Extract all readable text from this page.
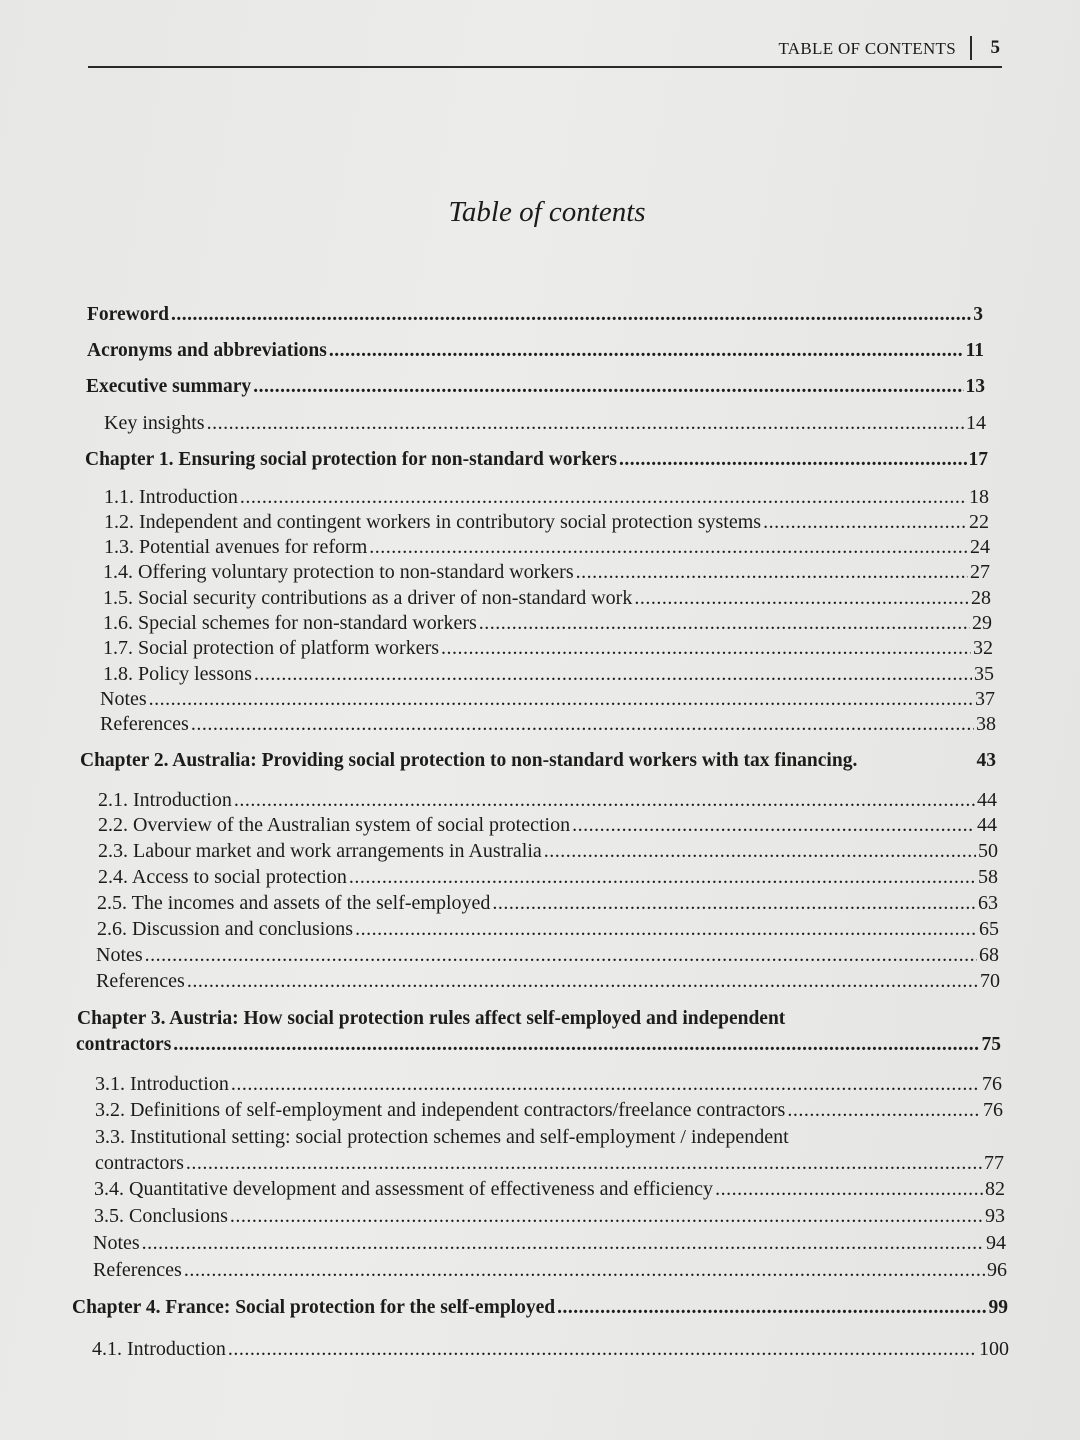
TABLE OF CONTENTS 5
Table of contents
Foreword .....	3
Acronyms and abbreviations .....	11
Executive summary .....	13
Key insights .....	14
Chapter 1. Ensuring social protection for non-standard workers .....	17
1.1. Introduction .....	18
1.2. Independent and contingent workers in contributory social protection systems .....	22
1.3. Potential avenues for reform .....	24
1.4. Offering voluntary protection to non-standard workers .....	27
1.5. Social security contributions as a driver of non-standard work .....	28
1.6. Special schemes for non-standard workers .....	29
1.7. Social protection of platform workers .....	32
1.8. Policy lessons .....	35
Notes .....	37
References .....	38
Chapter 2. Australia: Providing social protection to non-standard workers with tax financing.	43
2.1. Introduction .....	44
2.2. Overview of the Australian system of social protection .....	44
2.3. Labour market and work arrangements in Australia .....	50
2.4. Access to social protection .....	58
2.5. The incomes and assets of the self-employed .....	63
2.6. Discussion and conclusions .....	65
Notes .....	68
References .....	70
Chapter 3. Austria: How social protection rules affect self-employed and independent
contractors .....	75
3.1. Introduction .....	76
3.2. Definitions of self-employment and independent contractors/freelance contractors .....	76
3.3. Institutional setting: social protection schemes and self-employment / independent
contractors .....	77
3.4. Quantitative development and assessment of effectiveness and efficiency .....	82
3.5. Conclusions .....	93
Notes .....	94
References .....	96
Chapter 4. France: Social protection for the self-employed .....	99
4.1. Introduction .....	100
